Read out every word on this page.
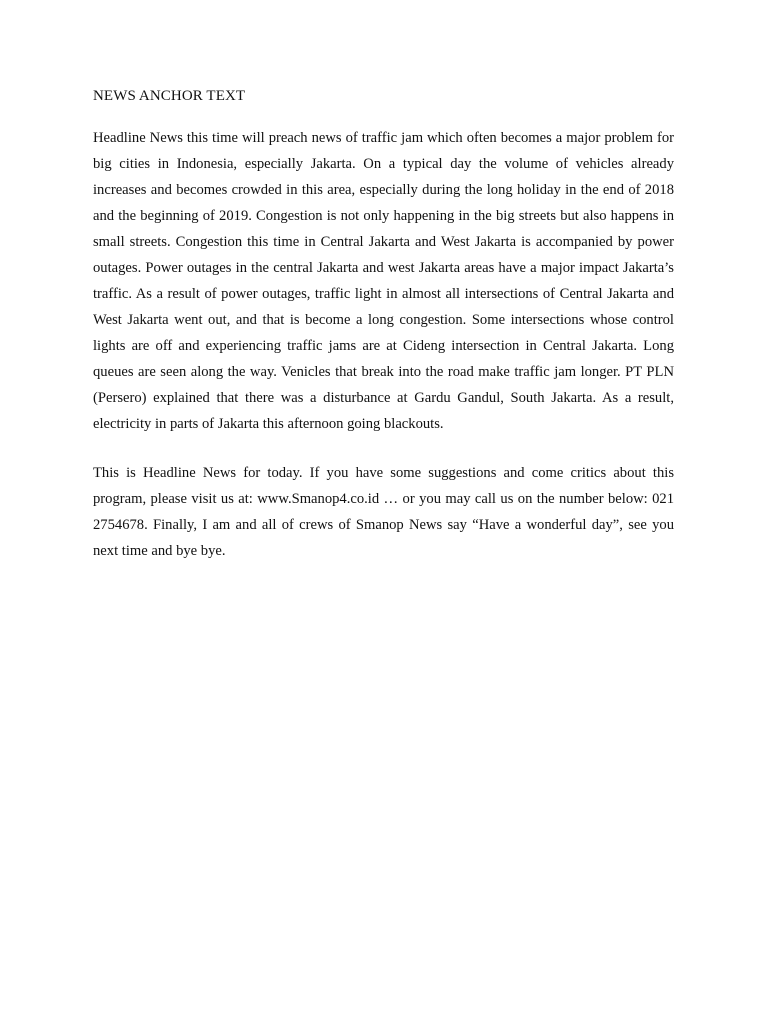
NEWS ANCHOR TEXT

Headline News this time will preach news of traffic jam which often becomes a major problem for big cities in Indonesia, especially Jakarta. On a typical day the volume of vehicles already increases and becomes crowded in this area, especially during the long holiday in the end of 2018 and the beginning of 2019. Congestion is not only happening in the big streets but also happens in small streets. Congestion this time in Central Jakarta and West Jakarta is accompanied by power outages. Power outages in the central Jakarta and west Jakarta areas have a major impact Jakarta’s traffic. As a result of power outages, traffic light in almost all intersections of Central Jakarta and West Jakarta went out, and that is become a long congestion. Some intersections whose control lights are off and experiencing traffic jams are at Cideng intersection in Central Jakarta. Long queues are seen along the way. Venicles that break into the road make traffic jam longer. PT PLN (Persero) explained that there was a disturbance at Gardu Gandul, South Jakarta. As a result, electricity in parts of Jakarta this afternoon going blackouts.

This is Headline News for today. If you have some suggestions and come critics about this program, please visit us at: www.Smanop4.co.id … or you may call us on the number below: 021 2754678. Finally, I am and all of crews of Smanop News say “Have a wonderful day”, see you next time and bye bye.
